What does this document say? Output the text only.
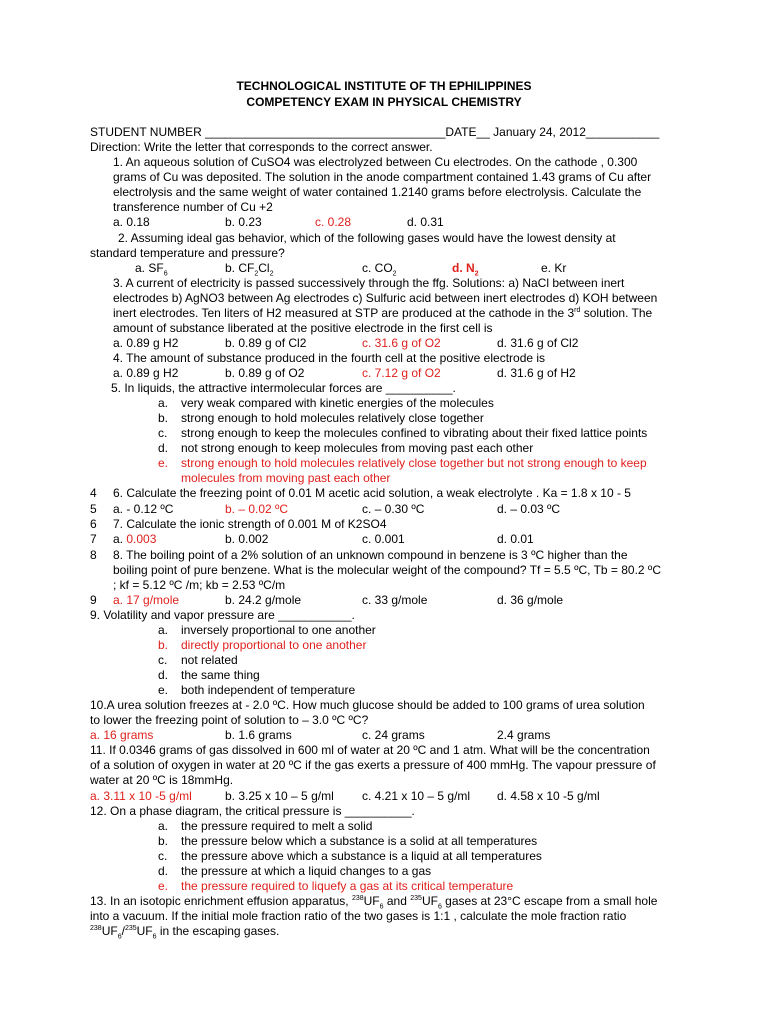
TECHNOLOGICAL INSTITUTE OF TH EPHILIPPINES
COMPETENCY EXAM IN PHYSICAL CHEMISTRY
STUDENT NUMBER ____________________________________DATE__ January 24, 2012___________
Direction: Write the letter that corresponds to the correct answer.
1. An aqueous solution of CuSO4 was electrolyzed between Cu electrodes. On the cathode , 0.300
grams of Cu was deposited. The solution in the anode compartment contained 1.43 grams of Cu after
electrolysis and the same weight of water contained 1.2140 grams before electrolysis. Calculate the
transference number of Cu +2
a. 0.18	b. 0.23	c. 0.28	d. 0.31
2. Assuming ideal gas behavior, which of the following gases would have the lowest density at
standard temperature and pressure?
a. $SF_6$	b. $CF_2Cl_2$	c. $CO_2$	d. $N_2$	e. Kr
3. A current of electricity is passed successively through the ffg. Solutions: a) NaCl between inert
electrodes b) AgNO3 between Ag electrodes c) Sulfuric acid between inert electrodes d) KOH between
inert electrodes. Ten liters of H2 measured at STP are produced at the cathode in the 3rd solution. The
amount of substance liberated at the positive electrode in the first cell is
a. 0.89 g H2	b. 0.89 g of Cl2	c. 31.6 g of O2	d. 31.6 g of Cl2
4. The amount of substance produced in the fourth cell at the positive electrode is
a. 0.89 g H2	b. 0.89 g of O2	c. 7.12 g of O2	d. 31.6 g of H2
5. In liquids, the attractive intermolecular forces are __________.
a. very weak compared with kinetic energies of the molecules
b. strong enough to hold molecules relatively close together
c. strong enough to keep the molecules confined to vibrating about their fixed lattice points
d. not strong enough to keep molecules from moving past each other
e. strong enough to hold molecules relatively close together but not strong enough to keep
molecules from moving past each other
4 6. Calculate the freezing point of 0.01 M acetic acid solution, a weak electrolyte . Ka = 1.8 x 10 - 5
5 a. - 0.12 ºC	b. – 0.02 ºC	c. – 0.30 ºC	d. – 0.03 ºC
6 7. Calculate the ionic strength of 0.001 M of K2SO4
7 a. 0.003	b. 0.002	c. 0.001	d. 0.01
8 8. The boiling point of a 2% solution of an unknown compound in benzene is 3 ºC higher than the
boiling point of pure benzene. What is the molecular weight of the compound? Tf = 5.5 ºC, Tb = 80.2 ºC
; kf = 5.12 ºC /m; kb = 2.53 ºC/m
9 a. 17 g/mole	b. 24.2 g/mole	c. 33 g/mole	d. 36 g/mole
9. Volatility and vapor pressure are ___________.
a. inversely proportional to one another
b. directly proportional to one another
c. not related
d. the same thing
e. both independent of temperature
10.A urea solution freezes at - 2.0 ºC. How much glucose should be added to 100 grams of urea solution
to lower the freezing point of solution to – 3.0 ºC ºC?
a. 16 grams	b. 1.6 grams	c. 24 grams	2.4 grams
11. If 0.0346 grams of gas dissolved in 600 ml of water at 20 ºC and 1 atm. What will be the concentration
of a solution of oxygen in water at 20 ºC if the gas exerts a pressure of 400 mmHg. The vapour pressure of
water at 20 ºC is 18mmHg.
a. 3.11 x 10 -5 g/ml	b. 3.25 x 10 – 5 g/ml c. 4.21 x 10 – 5 g/ml d. 4.58 x 10 -5 g/ml
12. On a phase diagram, the critical pressure is __________.
a. the pressure required to melt a solid
b. the pressure below which a substance is a solid at all temperatures
c. the pressure above which a substance is a liquid at all temperatures
d. the pressure at which a liquid changes to a gas
e. the pressure required to liquefy a gas at its critical temperature
13. In an isotopic enrichment effusion apparatus, $^{238}UF_6$ and $^{235}UF_6$ gases at 23°C escape from a small hole
into a vacuum. If the initial mole fraction ratio of the two gases is 1:1 , calculate the mole fraction ratio
$^{238}UF_6/^{235}UF_6$ in the escaping gases.
